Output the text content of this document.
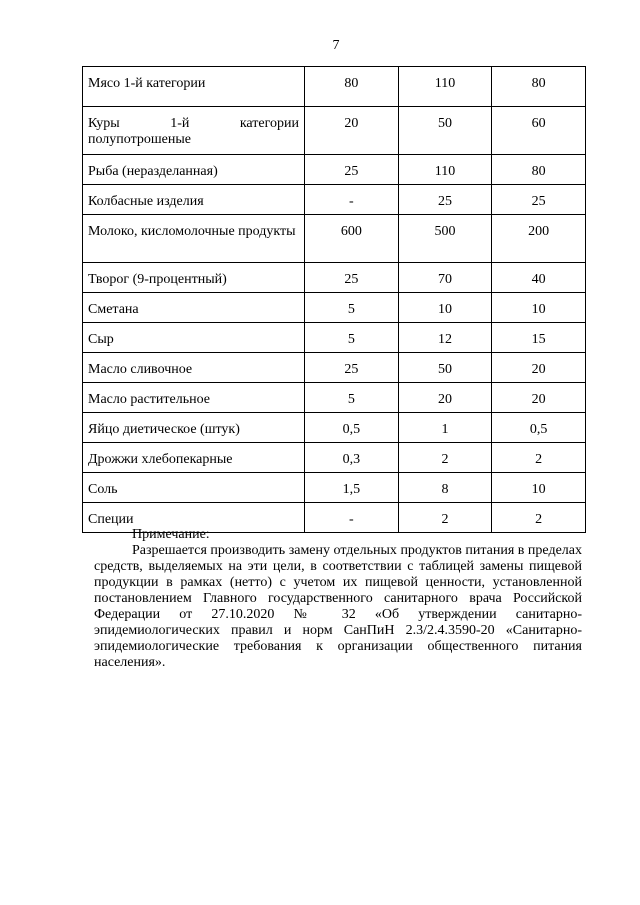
7
Мясо 1-й категории	80	110	80
Куры 1-й категории полупотрошеные	20	50	60
Рыба (неразделанная)	25	110	80
Колбасные изделия	-	25	25
Молоко, кисломолочные продукты	600	500	200
Творог (9-процентный)	25	70	40
Сметана	5	10	10
Сыр	5	12	15
Масло сливочное	25	50	20
Масло растительное	5	20	20
Яйцо диетическое (штук)	0,5	1	0,5
Дрожжи хлебопекарные	0,3	2	2
Соль	1,5	8	10
Специи	-	2	2

Примечание:

Разрешается производить замену отдельных продуктов питания в пределах средств, выделяемых на эти цели, в соответствии с таблицей замены пищевой продукции в рамках (нетто) с учетом их пищевой ценности, установленной постановлением Главного государственного санитарного врача Российской Федерации от 27.10.2020 № 32 «Об утверждении санитарно-эпидемиологических правил и норм СанПиН 2.3/2.4.3590-20 «Санитарно-эпидемиологические требования к организации общественного питания населения».
